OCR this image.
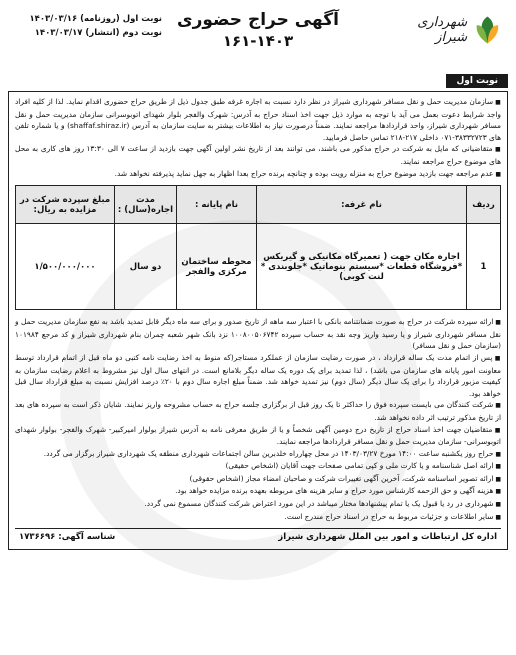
شهرداری شیراز
آگهی حراج حضوری
۱۶۱-۱۴۰۳
نوبت اول (روزنامه) ۱۴۰۳/۰۳/۱۶
نوبت دوم (انتشار) ۱۴۰۳/۰۳/۱۷
نوبت اول

■ سازمان مدیریت حمل و نقل مسافر شهرداری شیراز در نظر دارد نسبت به اجاره غرفه طبق جدول ذیل از طریق حراج حضوری اقدام نماید. لذا از کلیه افراد واجد شرایط دعوت بعمل می آید با توجه به موارد ذیل جهت اخذ اسناد حراج به آدرس: شهرک والفجر بلوار شهدای اتوبوسرانی سازمان مدیریت حمل و نقل مسافر شهرداری شیراز، واحد قراردادها مراجعه نمایند. ضمناً درصورت نیاز به اطلاعات بیشتر به سایت سازمان به آدرس (shaffaf.shiraz.ir) و یا شماره تلفن های ۳۸۳۳۲۷۲۳-۰۷۱ داخلی ۲۱۷-۲۱۸ تماس حاصل فرمایید.

■ متقاضیانی که مایل به شرکت در حراج مذکور می باشند، می توانند بعد از تاریخ نشر اولین آگهی جهت بازدید از ساعت ۷ الی ۱۳:۳۰ روز های کاری به محل های موضوع حراج مراجعه نمایند.

■ عدم مراجعه جهت بازدید موضوع حراج به منزله رویت بوده و چنانچه برنده حراج بعدا اظهار به جهل نماید پذیرفته نخواهد شد.

ردیف	نام غرفه:	نام پایانه :	مدت اجاره(سال) :	مبلغ سپرده شرکت در مزایده به ریال:
1	اجاره مکان جهت ( تعمیرگاه مکانیکی و گیربکس *فروشگاه قطعات *سیستم بنوماتیک *جلوبندی * لنت کوبی)	محوطه ساختمان مرکزی والفجر	دو سال	۱/۵۰۰/۰۰۰/۰۰۰

■ ارائه سپرده شرکت در حراج به صورت ضمانتنامه بانکی با اعتبار سه ماهه از تاریخ صدور و برای سه ماه دیگر قابل تمدید باشد به نفع سازمان مدیریت حمل و نقل مسافر شهرداری شیراز و یا رسید واریز وجه نقد به حساب سپرده ۱۰۰۸۰۰۵۰۶۷۴۲ نزد بانک شهر شعبه چمران بنام شهرداری شیراز و کد مرجع ۱۰۱۹۸۴ (سازمان حمل و نقل مسافر)

■ پس از اتمام مدت یک ساله قرارداد ، در صورت رضایت سازمان از عملکرد مستاجر(که منوط به اخذ رضایت نامه کتبی دو ماه قبل از اتمام قرارداد توسط معاونت امور پایانه های سازمان می باشد) ، لذا تمدید برای یک دوره یک ساله دیگر بلامانع است. در انتهای سال اول نیز مشروط به اعلام رضایت سازمان به کیفیت مزبور قرارداد را برای یک سال دیگر (سال دوم) نیز تمدید خواهد شد. ضمناً مبلغ اجاره سال دوم با ۲۰٪ درصد افزایش نسبت به مبلغ قرارداد سال قبل خواهد بود.

■ شرکت کنندگان می بایست سپرده فوق را حداکثر تا یک روز قبل از برگزاری جلسه حراج به حساب مشروحه واریز نمایند. شایان ذکر است به سپرده های بعد از تاریخ مذکور ترتیب اثر داده نخواهد شد.

■ متقاضیان جهت اخذ اسناد حراج از تاریخ درج دومین آگهی شخصاً و یا از طریق معرفی نامه به آدرس شیراز بولوار امیرکبیر- شهرک والفجر- بولوار شهدای اتوبوسرانی- سازمان مدیریت حمل و نقل مسافر قراردادها مراجعه نمایند.

■ حراج روز یکشنبه ساعت ۱۴:۰۰ مورخ ۱۴۰۳/۰۳/۲۷ در محل چهارراه خلدبرین سالن اجتماعات شهرداری منطقه یک شهرداری شیراز برگزار می گردد.

■ ارائه اصل شناسنامه و یا کارت ملی و کپی تمامی صفحات جهت آقایان (اشخاص حقیقی)

■ ارائه تصویر اساسنامه شرکت، آخرین آگهی تغییرات شرکت و صاحبان امضاء مجاز (اشخاص حقوقی)

■ هزینه آگهی و حق الزحمه کارشناس مورد حراج و سایر هزینه های مربوطه بعهده برنده مزایده خواهد بود.

■ شهرداری در رد یا قبول یک یا تمام پیشنهادها مختار میباشد در این مورد اعتراض شرکت کنندگان مسموع نمی گردد.

■ سایر اطلاعات و جزئیات مربوط به حراج در اسناد حراج مندرج است.

اداره کل ارتباطات و امور بین الملل شهرداری شیراز
شناسه آگهی: ۱۷۳۶۶۹۶
